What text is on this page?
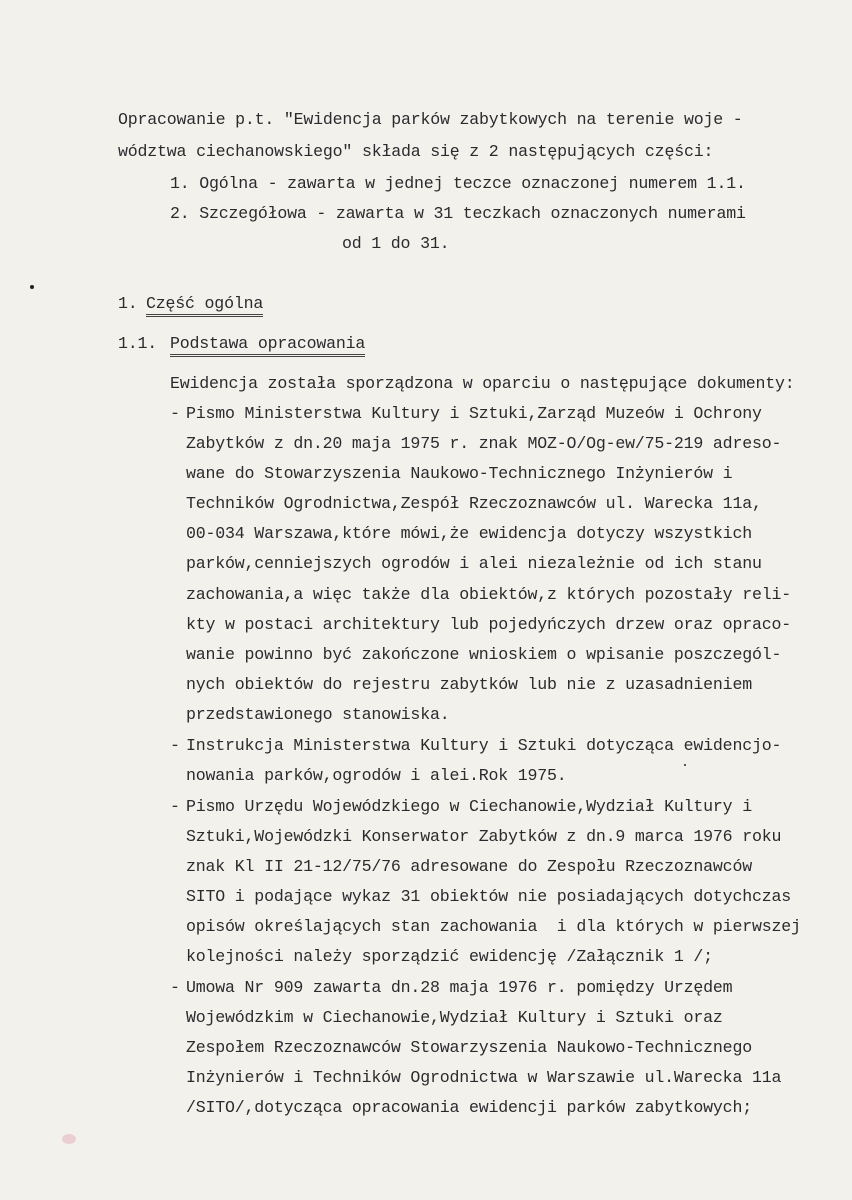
Opracowanie p.t. "Ewidencja parków zabytkowych na terenie woje -
wództwa ciechanowskiego" składa się z 2 następujących części:
1. Ogólna - zawarta w jednej teczce oznaczonej numerem 1.1.
2. Szczegółowa - zawarta w 31 teczkach oznaczonych numerami
od 1 do 31.
1. Część ogólna
1.1. Podstawa opracowania
Ewidencja została sporządzona w oparciu o następujące dokumenty:
- Pismo Ministerstwa Kultury i Sztuki,Zarząd Muzeów i Ochrony
Zabytków z dn.20 maja 1975 r. znak MOZ-O/Og-ew/75-219 adreso-
wane do Stowarzyszenia Naukowo-Technicznego Inżynierów i
Techników Ogrodnictwa,Zespół Rzeczoznawców ul. Warecka 11a,
00-034 Warszawa,które mówi,że ewidencja dotyczy wszystkich
parków,cenniejszych ogrodów i alei niezależnie od ich stanu
zachowania,a więc także dla obiektów,z których pozostały reli-
kty w postaci architektury lub pojedyńczych drzew oraz opraco-
wanie powinno być zakończone wnioskiem o wpisanie poszczegól-
nych obiektów do rejestru zabytków lub nie z uzasadnieniem
przedstawionego stanowiska.
- Instrukcja Ministerstwa Kultury i Sztuki dotycząca ewidencjo-
nowania parków,ogrodów i alei.Rok 1975.
- Pismo Urzędu Wojewódzkiego w Ciechanowie,Wydział Kultury i
Sztuki,Wojewódzki Konserwator Zabytków z dn.9 marca 1976 roku
znak Kl II 21-12/75/76 adresowane do Zespołu Rzeczoznawców
SITO i podające wykaz 31 obiektów nie posiadających dotychczas
opisów określających stan zachowania  i dla których w pierwszej
kolejności należy sporządzić ewidencję /Załącznik 1 /;
- Umowa Nr 909 zawarta dn.28 maja 1976 r. pomiędzy Urzędem
Wojewódzkim w Ciechanowie,Wydział Kultury i Sztuki oraz
Zespołem Rzeczoznawców Stowarzyszenia Naukowo-Technicznego
Inżynierów i Techników Ogrodnictwa w Warszawie ul.Warecka 11a
/SITO/,dotycząca opracowania ewidencji parków zabytkowych;
